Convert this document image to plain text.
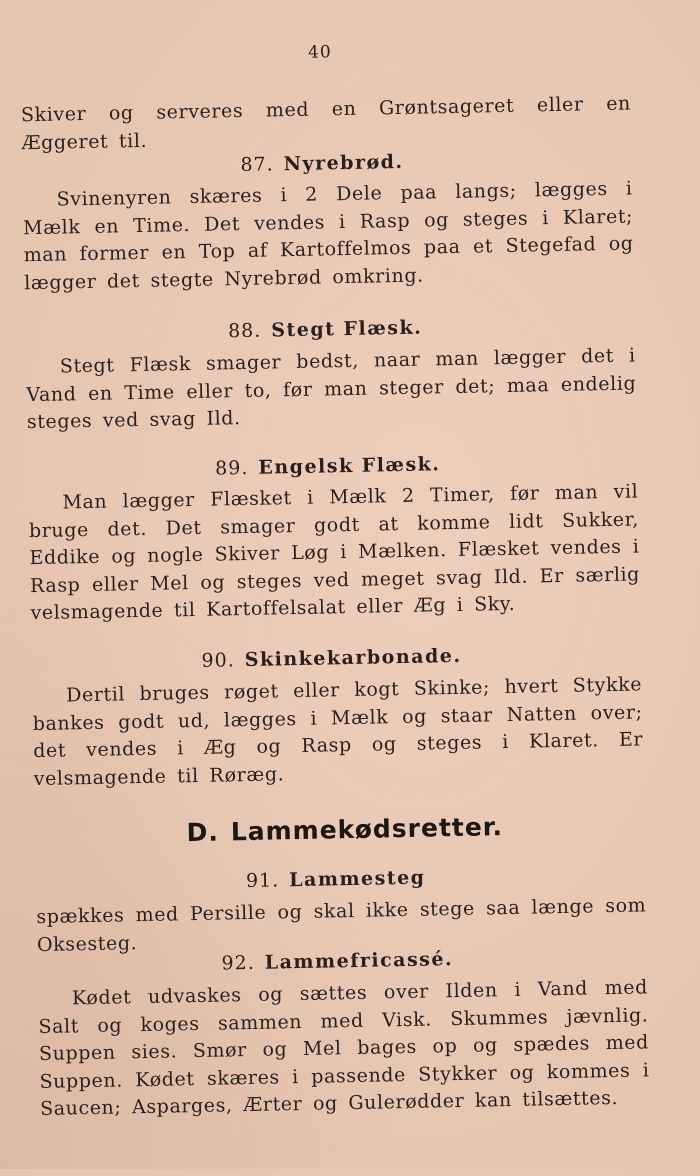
40
Skiver og serveres med en Grøntsageret eller en Æggeret til.
87. Nyrebrød.
Svinenyren skæres i 2 Dele paa langs; lægges i Mælk en Time. Det vendes i Rasp og steges i Klaret; man former en Top af Kartoffelmos paa et Stegefad og lægger det stegte Nyrebrød omkring.
88. Stegt Flæsk.
Stegt Flæsk smager bedst, naar man lægger det i Vand en Time eller to, før man steger det; maa endelig steges ved svag Ild.
89. Engelsk Flæsk.
Man lægger Flæsket i Mælk 2 Timer, før man vil bruge det. Det smager godt at komme lidt Sukker, Eddike og nogle Skiver Løg i Mælken. Flæsket vendes i Rasp eller Mel og steges ved meget svag Ild. Er særlig velsmagende til Kartoffelsalat eller Æg i Sky.
90. Skinkekarbonade.
Dertil bruges røget eller kogt Skinke; hvert Stykke bankes godt ud, lægges i Mælk og staar Natten over; det vendes i Æg og Rasp og steges i Klaret. Er velsmagende til Røræg.
D. Lammekødsretter.
91. Lammesteg
spækkes med Persille og skal ikke stege saa længe som Oksesteg.
92. Lammefricassé.
Kødet udvaskes og sættes over Ilden i Vand med Salt og koges sammen med Visk. Skummes jævnlig. Suppen sies. Smør og Mel bages op og spædes med Suppen. Kødet skæres i passende Stykker og kommes i Saucen; Asparges, Ærter og Gulerødder kan tilsættes.
